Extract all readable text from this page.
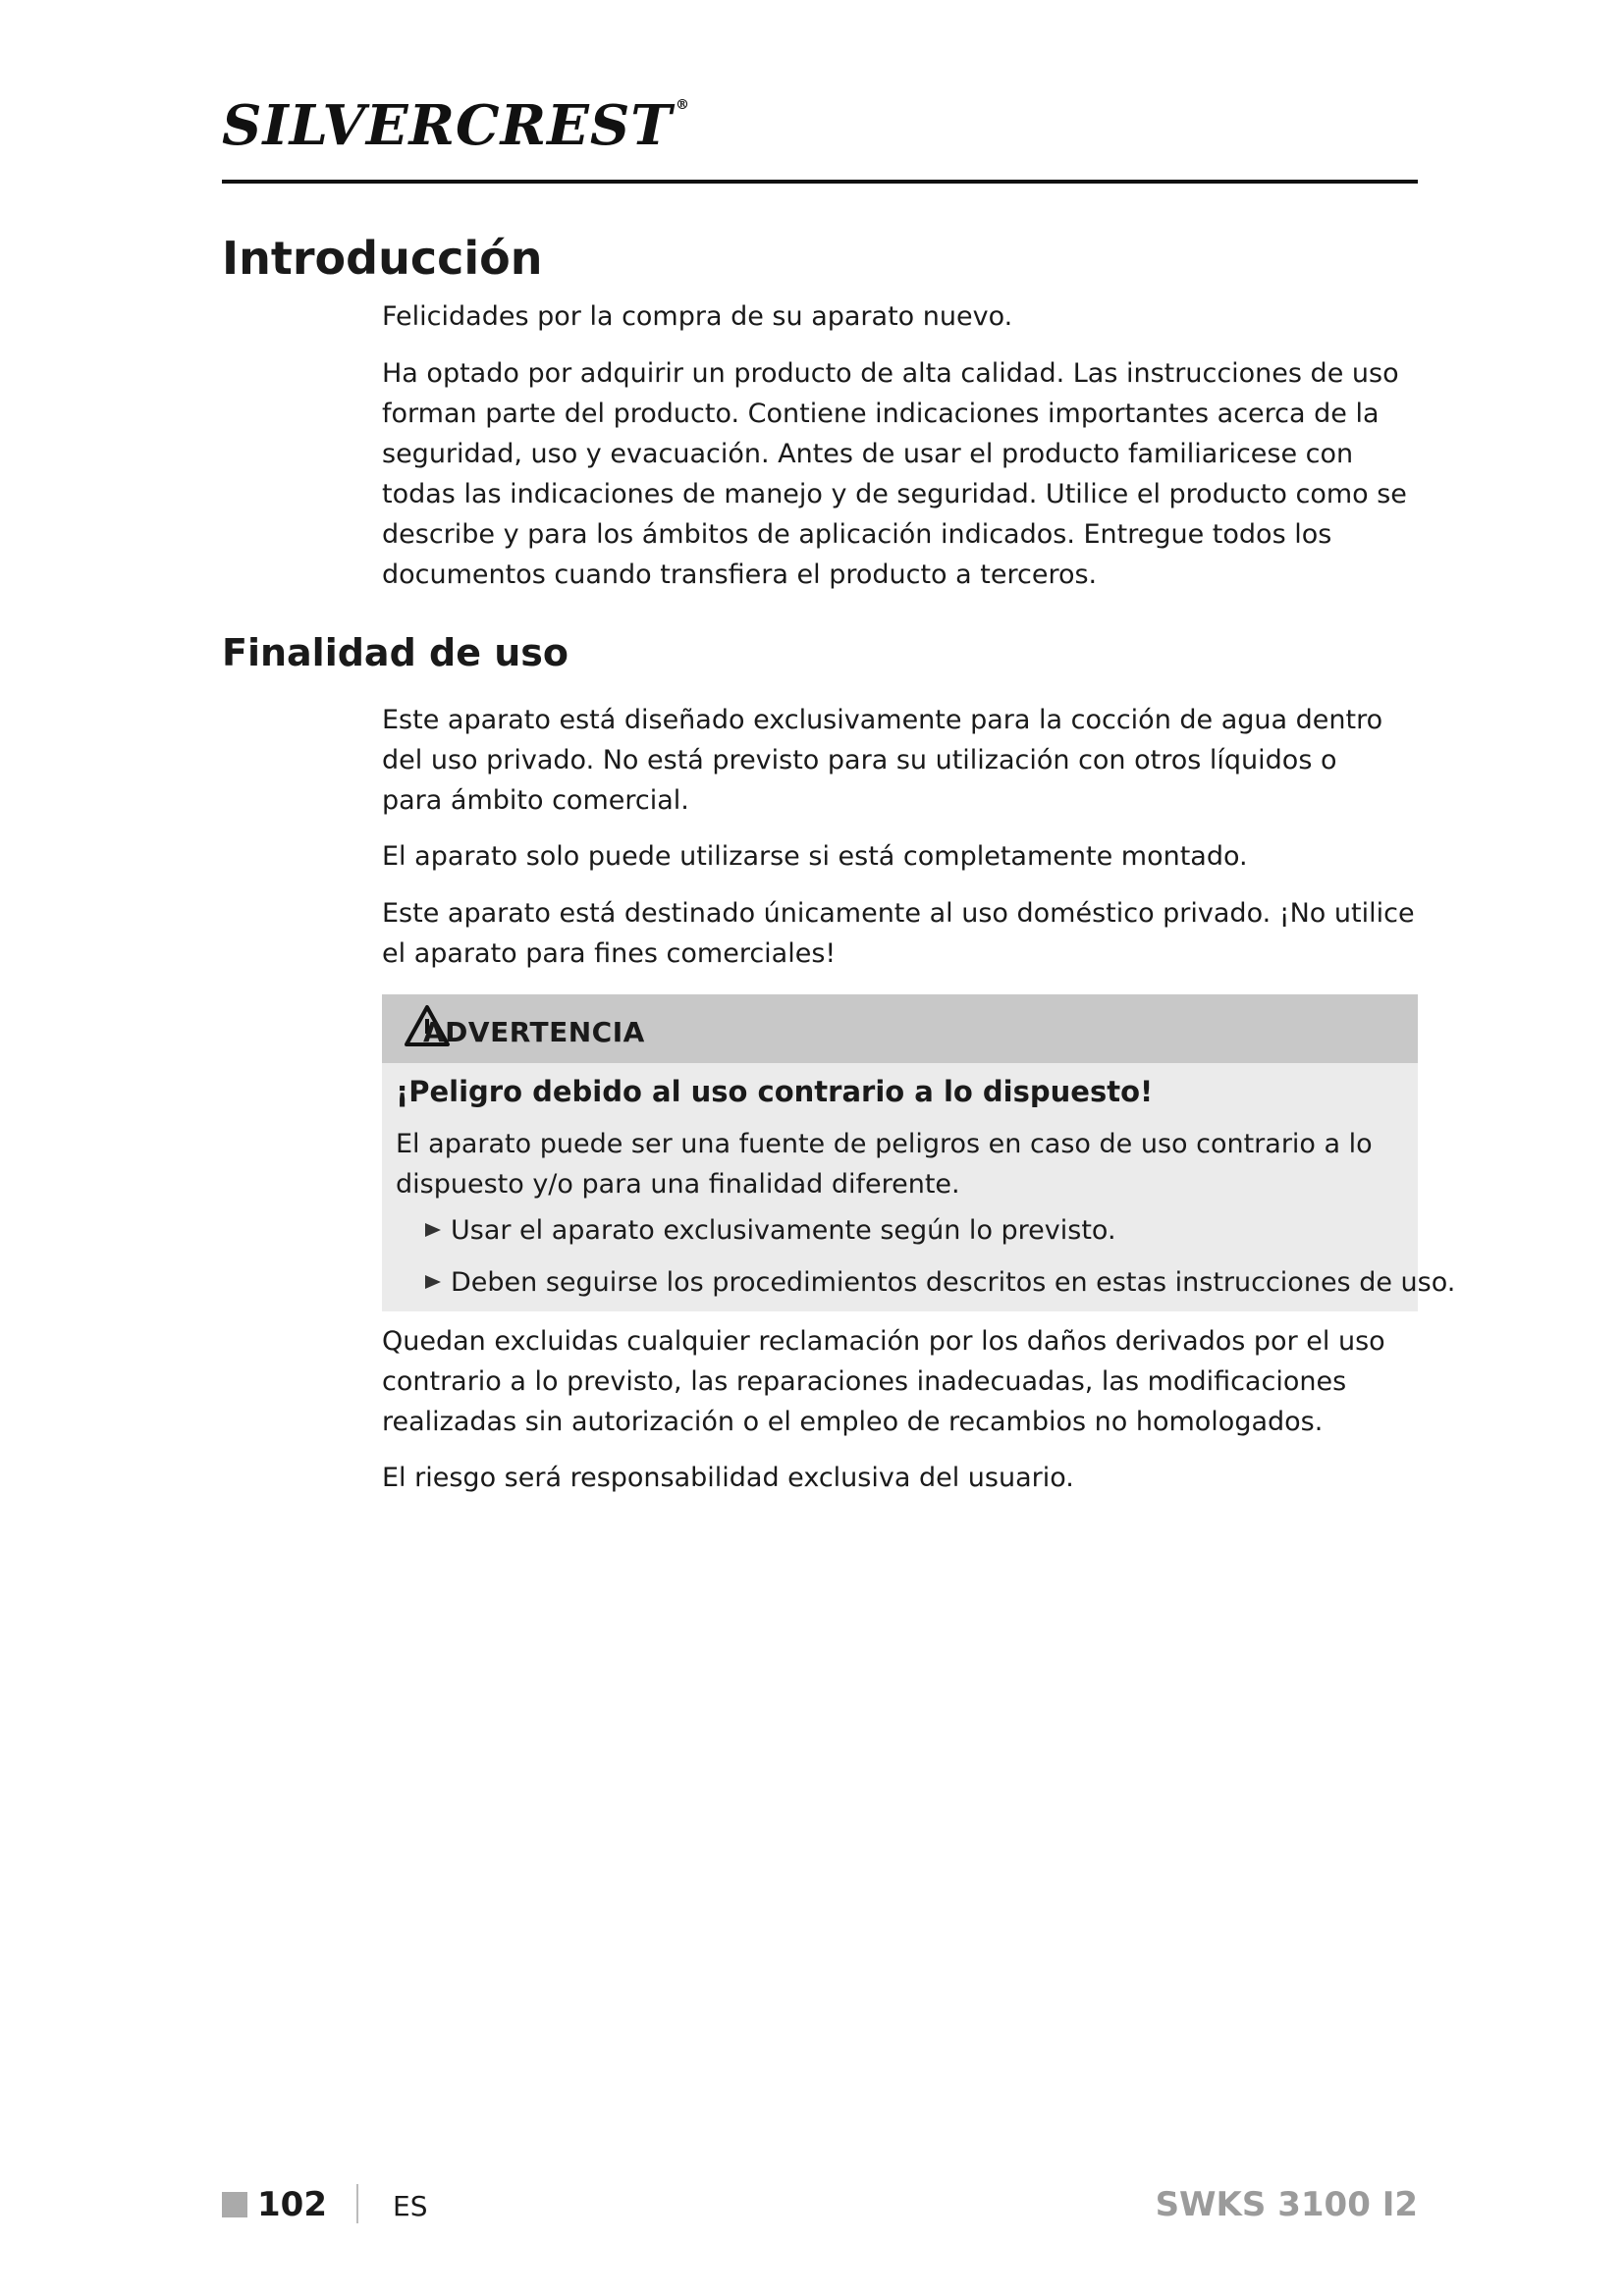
SILVERCREST ®
Introducción

Felicidades por la compra de su aparato nuevo.

Ha optado por adquirir un producto de alta calidad. Las instrucciones de uso forman parte del producto. Contiene indicaciones importantes acerca de la seguridad, uso y evacuación. Antes de usar el producto familiaricese con todas las indicaciones de manejo y de seguridad. Utilice el producto como se describe y para los ámbitos de aplicación indicados. Entregue todos los documentos cuando transfiera el producto a terceros.

Finalidad de uso

Este aparato está diseñado exclusivamente para la cocción de agua dentro del uso privado. No está previsto para su utilización con otros líquidos o para ámbito comercial.

El aparato solo puede utilizarse si está completamente montado.

Este aparato está destinado únicamente al uso doméstico privado. ¡No utilice el aparato para fines comerciales!

ADVERTENCIA

¡Peligro debido al uso contrario a lo dispuesto!

El aparato puede ser una fuente de peligros en caso de uso contrario a lo dispuesto y/o para una finalidad diferente.

Usar el aparato exclusivamente según lo previsto.
Deben seguirse los procedimientos descritos en estas instrucciones de uso.

Quedan excluidas cualquier reclamación por los daños derivados por el uso contrario a lo previsto, las reparaciones inadecuadas, las modificaciones realizadas sin autorización o el empleo de recambios no homologados.

El riesgo será responsabilidad exclusiva del usuario.

102 ES	SWKS 3100 I2
